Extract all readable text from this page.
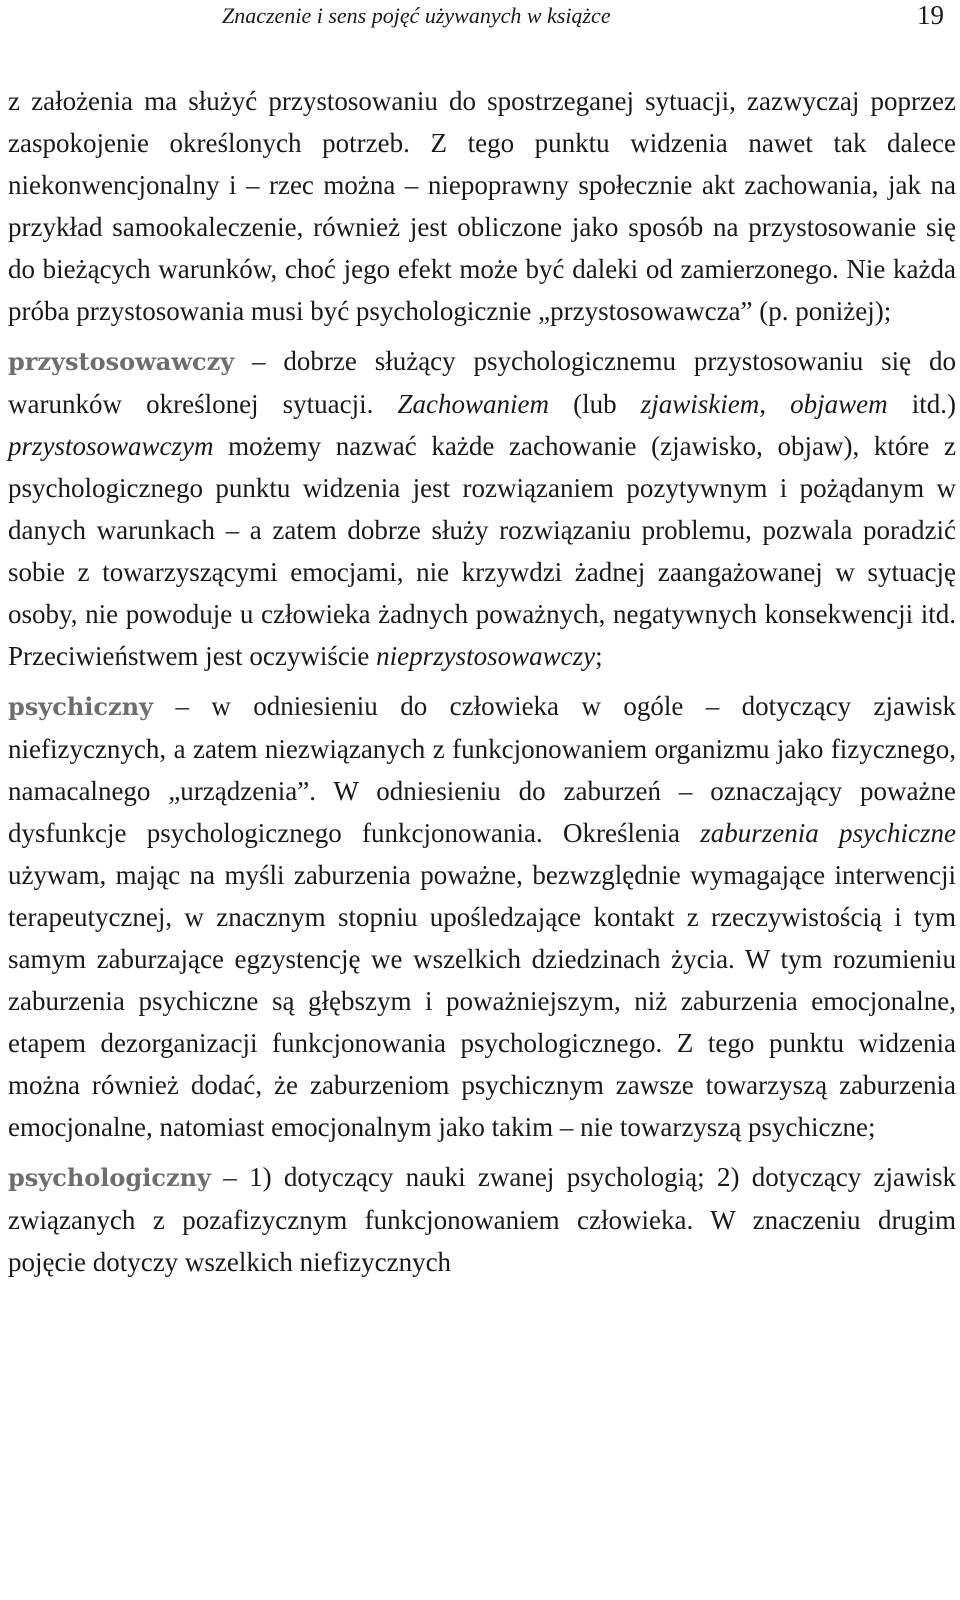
Znaczenie i sens pojęć używanych w książce	19

z założenia ma służyć przystosowaniu do spostrzeganej sytuacji, zazwyczaj poprzez zaspokojenie określonych potrzeb. Z tego punktu widzenia nawet tak dalece niekonwencjonalny i – rzec można – niepoprawny społecznie akt zachowania, jak na przykład samookaleczenie, również jest obliczone jako sposób na przystosowanie się do bieżących warunków, choć jego efekt może być daleki od zamierzonego. Nie każda próba przystosowania musi być psychologicznie „przystosowawcza” (p. poniżej);

przystosowawczy – dobrze służący psychologicznemu przystosowaniu się do warunków określonej sytuacji. Zachowaniem (lub zjawiskiem, objawem itd.) przystosowawczym możemy nazwać każde zachowanie (zjawisko, objaw), które z psychologicznego punktu widzenia jest rozwiązaniem pozytywnym i pożądanym w danych warunkach – a zatem dobrze służy rozwiązaniu problemu, pozwala poradzić sobie z towarzyszącymi emocjami, nie krzywdzi żadnej zaangażowanej w sytuację osoby, nie powoduje u człowieka żadnych poważnych, negatywnych konsekwencji itd. Przeciwieństwem jest oczywiście nieprzystosowawczy;

psychiczny – w odniesieniu do człowieka w ogóle – dotyczący zjawisk niefizycznych, a zatem niezwiązanych z funkcjonowaniem organizmu jako fizycznego, namacalnego „urządzenia”. W odniesieniu do zaburzeń – oznaczający poważne dysfunkcje psychologicznego funkcjonowania. Określenia zaburzenia psychiczne używam, mając na myśli zaburzenia poważne, bezwzględnie wymagające interwencji terapeutycznej, w znacznym stopniu upośledzające kontakt z rzeczywistością i tym samym zaburzające egzystencję we wszelkich dziedzinach życia. W tym rozumieniu zaburzenia psychiczne są głębszym i poważniejszym, niż zaburzenia emocjonalne, etapem dezorganizacji funkcjonowania psychologicznego. Z tego punktu widzenia można również dodać, że zaburzeniom psychicznym zawsze towarzyszą zaburzenia emocjonalne, natomiast emocjonalnym jako takim – nie towarzyszą psychiczne;

psychologiczny – 1) dotyczący nauki zwanej psychologią; 2) dotyczący zjawisk związanych z pozafizycznym funkcjonowaniem człowieka. W znaczeniu drugim pojęcie dotyczy wszelkich niefizycznych
